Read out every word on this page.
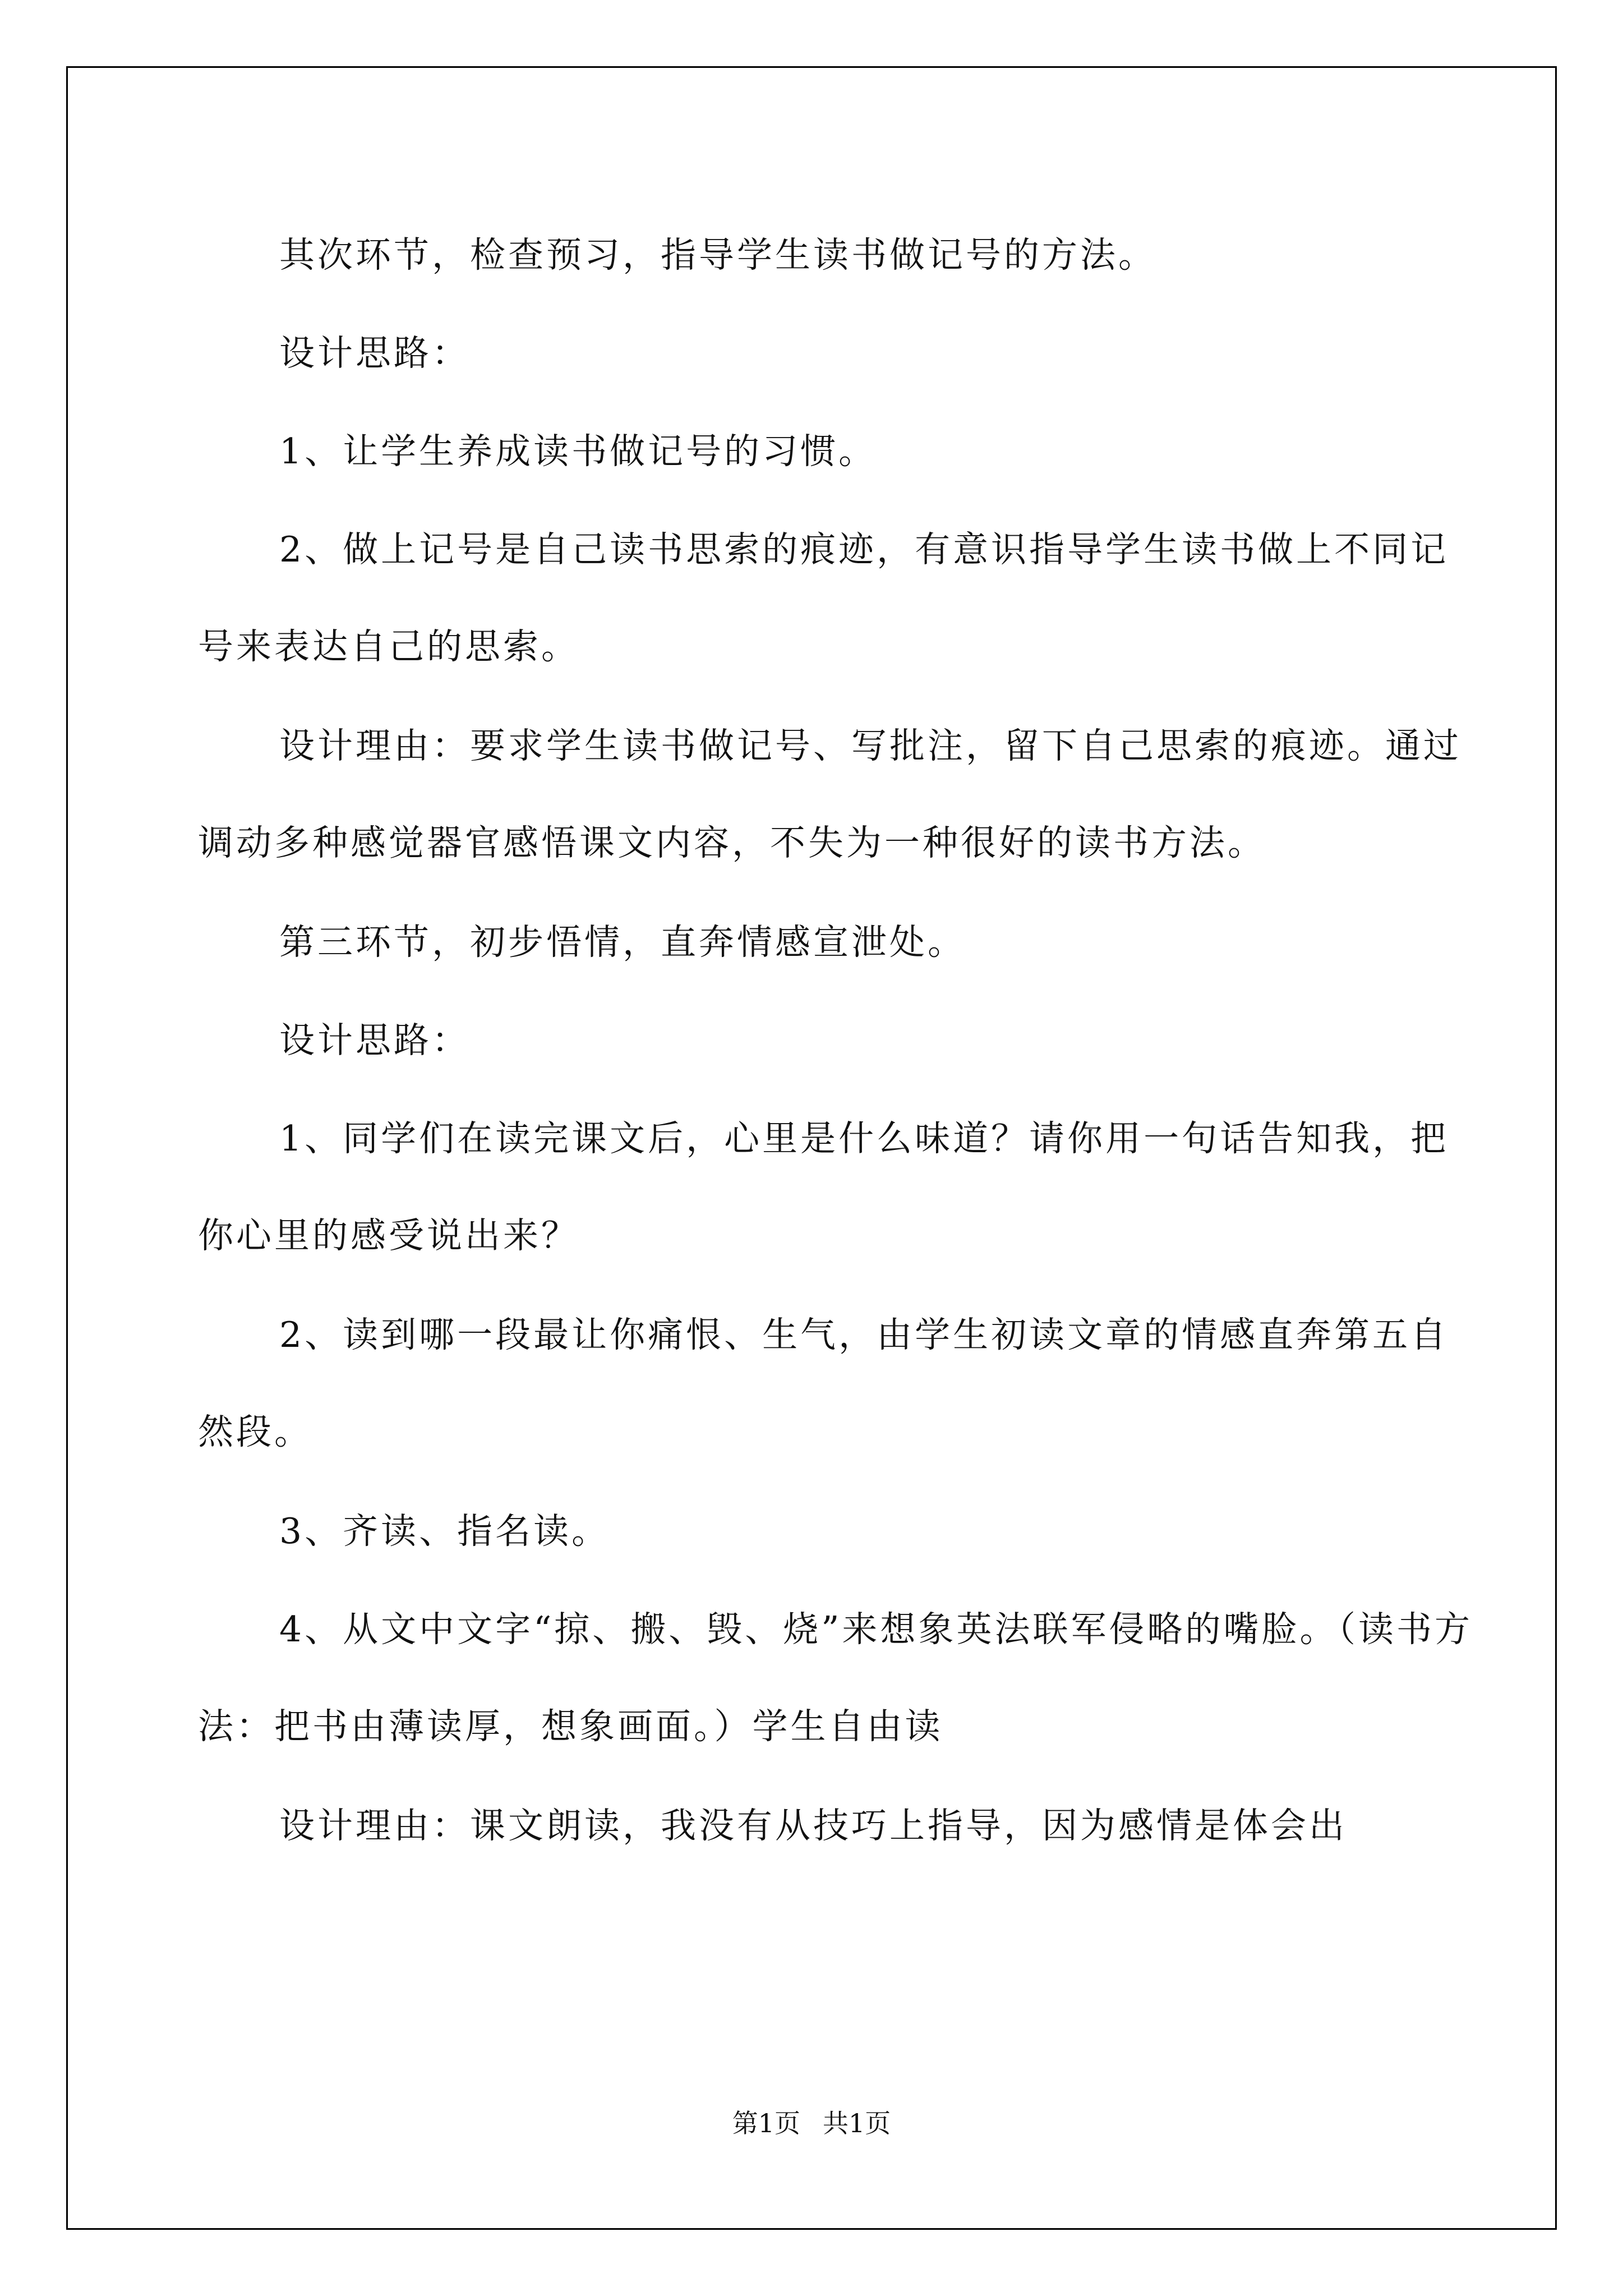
其次环节，检查预习，指导学生读书做记号的方法。

设计思路：

1、让学生养成读书做记号的习惯。

2、做上记号是自己读书思索的痕迹，有意识指导学生读书做上不同记号来表达自己的思索。

设计理由：要求学生读书做记号、写批注，留下自己思索的痕迹。通过调动多种感觉器官感悟课文内容，不失为一种很好的读书方法。

第三环节，初步悟情，直奔情感宣泄处。

设计思路：

1、同学们在读完课文后，心里是什么味道？请你用一句话告知我，把你心里的感受说出来？

2、读到哪一段最让你痛恨、生气，由学生初读文章的情感直奔第五自然段。

3、齐读、指名读。

4、从文中文字“掠、搬、毁、烧”来想象英法联军侵略的嘴脸。（读书方法：把书由薄读厚，想象画面。）学生自由读

设计理由：课文朗读，我没有从技巧上指导，因为感情是体会出

第1页 共1页
